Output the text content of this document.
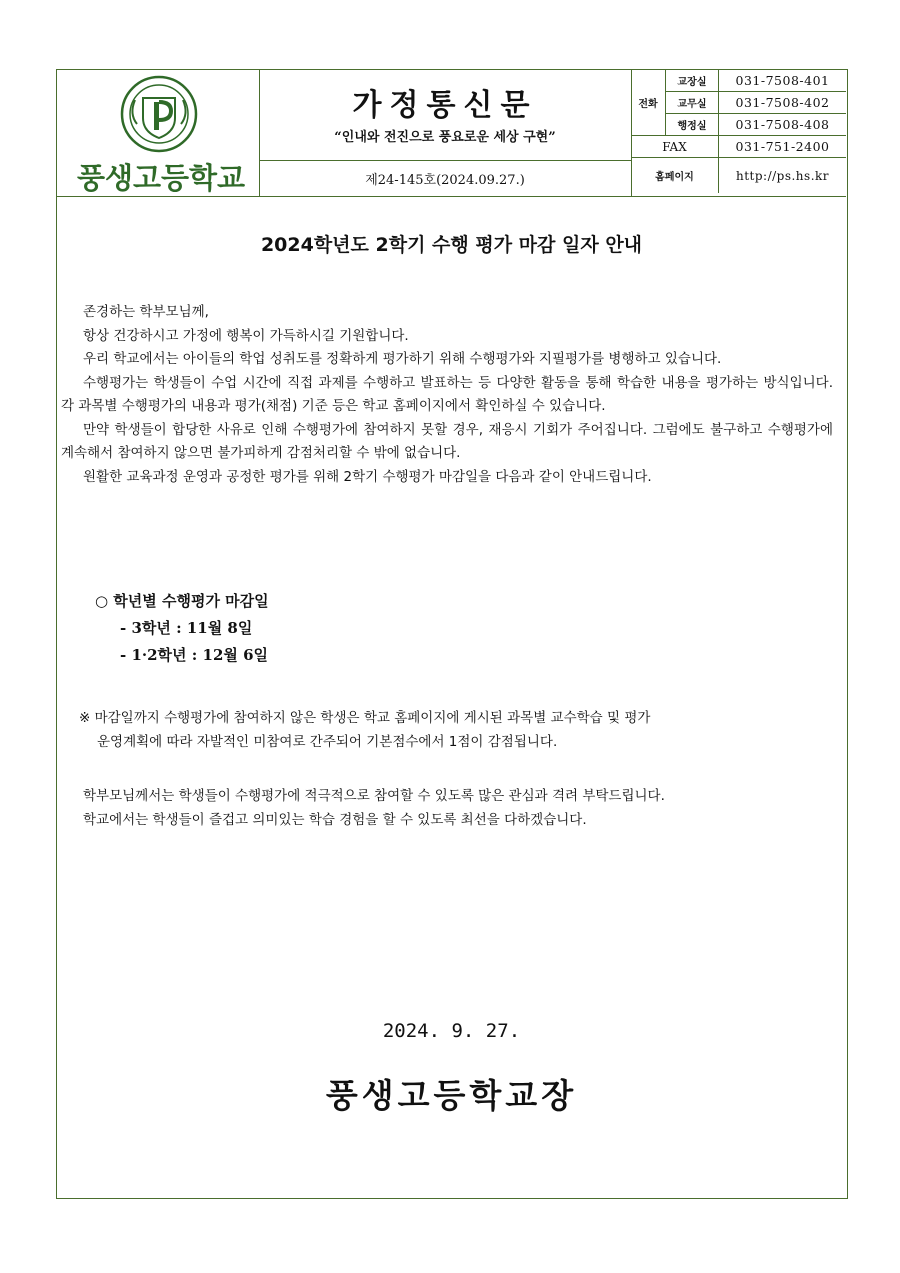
풍생고등학교
가정통신문
“인내와 전진으로 풍요로운 세상 구현”
제24-145호(2024.09.27.)
전화	교장실	031-7508-401
	교무실	031-7508-402
	행정실	031-7508-408
FAX		031-751-2400
홈페이지		http://ps.hs.kr
2024학년도 2학기 수행 평가 마감 일자 안내

존경하는 학부모님께,

항상 건강하시고 가정에 행복이 가득하시길 기원합니다.

우리 학교에서는 아이들의 학업 성취도를 정확하게 평가하기 위해 수행평가와 지필평가를 병행하고 있습니다.

수행평가는 학생들이 수업 시간에 직접 과제를 수행하고 발표하는 등 다양한 활동을 통해 학습한 내용을 평가하는 방식입니다. 각 과목별 수행평가의 내용과 평가(채점) 기준 등은 학교 홈페이지에서 확인하실 수 있습니다.

만약 학생들이 합당한 사유로 인해 수행평가에 참여하지 못할 경우, 재응시 기회가 주어집니다. 그럼에도 불구하고 수행평가에 계속해서 참여하지 않으면 불가피하게 감점처리할 수 밖에 없습니다.

원활한 교육과정 운영과 공정한 평가를 위해 2학기 수행평가 마감일을 다음과 같이 안내드립니다.

○ 학년별 수행평가 마감일
- 3학년 : 11월 8일
- 1·2학년 : 12월 6일
※ 마감일까지 수행평가에 참여하지 않은 학생은 학교 홈페이지에 게시된 과목별 교수학습 및 평가
운영계획에 따라 자발적인 미참여로 간주되어 기본점수에서 1점이 감점됩니다.

학부모님께서는 학생들이 수행평가에 적극적으로 참여할 수 있도록 많은 관심과 격려 부탁드립니다.

학교에서는 학생들이 즐겁고 의미있는 학습 경험을 할 수 있도록 최선을 다하겠습니다.

2024. 9. 27.
풍생고등학교장
